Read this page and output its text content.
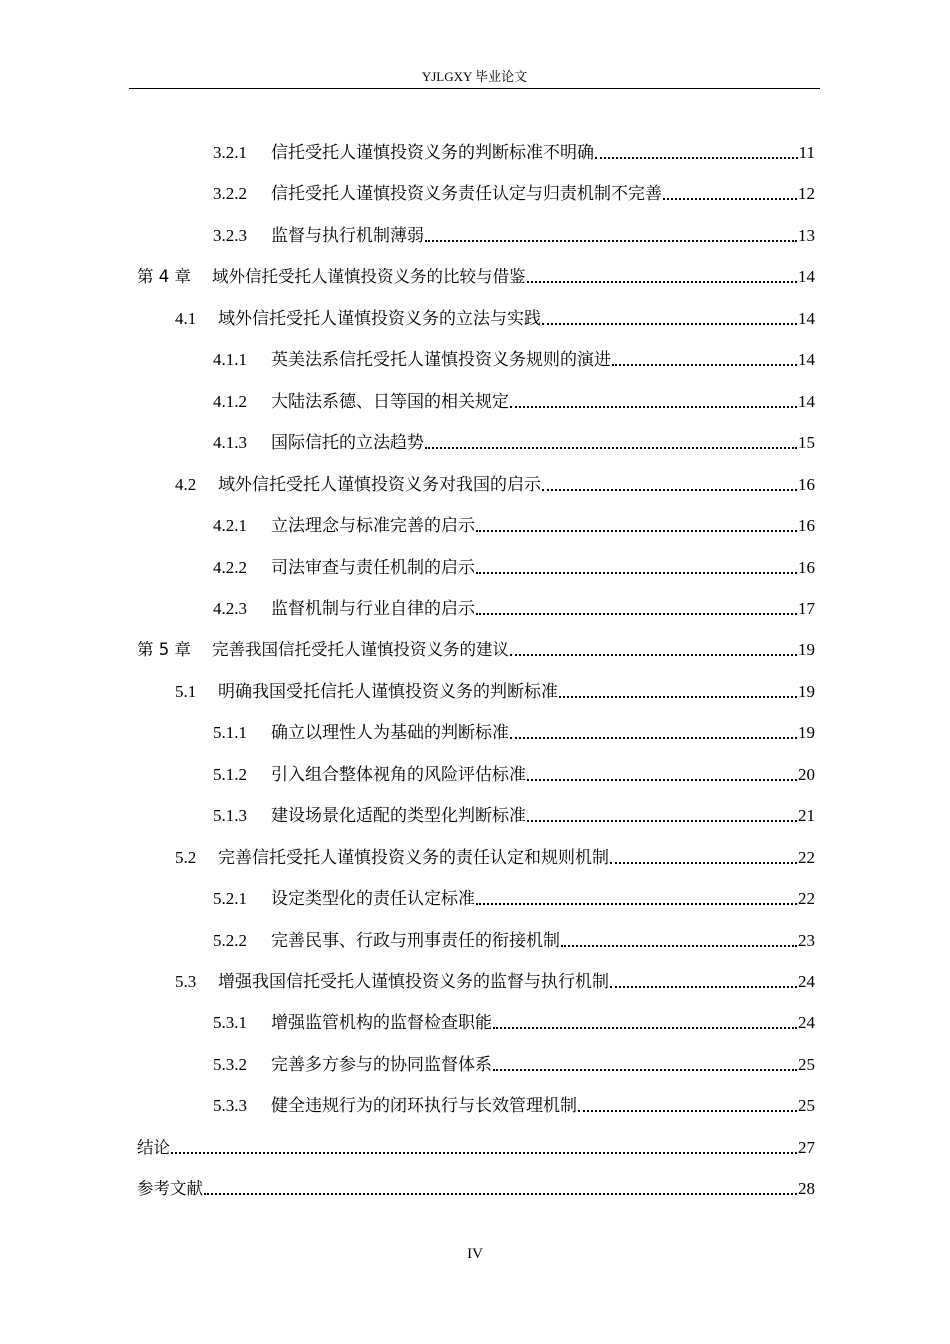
YJLGXY 毕业论文
3.2.1	信托受托人谨慎投资义务的判断标准不明确	11
3.2.2	信托受托人谨慎投资义务责任认定与归责机制不完善	12
3.2.3	监督与执行机制薄弱	13
第 4 章	域外信托受托人谨慎投资义务的比较与借鉴	14
4.1	域外信托受托人谨慎投资义务的立法与实践	14
4.1.1	英美法系信托受托人谨慎投资义务规则的演进	14
4.1.2	大陆法系德、日等国的相关规定	14
4.1.3	国际信托的立法趋势	15
4.2	域外信托受托人谨慎投资义务对我国的启示	16
4.2.1	立法理念与标准完善的启示	16
4.2.2	司法审查与责任机制的启示	16
4.2.3	监督机制与行业自律的启示	17
第 5 章	完善我国信托受托人谨慎投资义务的建议	19
5.1	明确我国受托信托人谨慎投资义务的判断标准	19
5.1.1	确立以理性人为基础的判断标准	19
5.1.2	引入组合整体视角的风险评估标准	20
5.1.3	建设场景化适配的类型化判断标准	21
5.2	完善信托受托人谨慎投资义务的责任认定和规则机制	22
5.2.1	设定类型化的责任认定标准	22
5.2.2	完善民事、行政与刑事责任的衔接机制	23
5.3	增强我国信托受托人谨慎投资义务的监督与执行机制	24
5.3.1	增强监管机构的监督检查职能	24
5.3.2	完善多方参与的协同监督体系	25
5.3.3	健全违规行为的闭环执行与长效管理机制	25
结论	27
参考文献	28
IV
